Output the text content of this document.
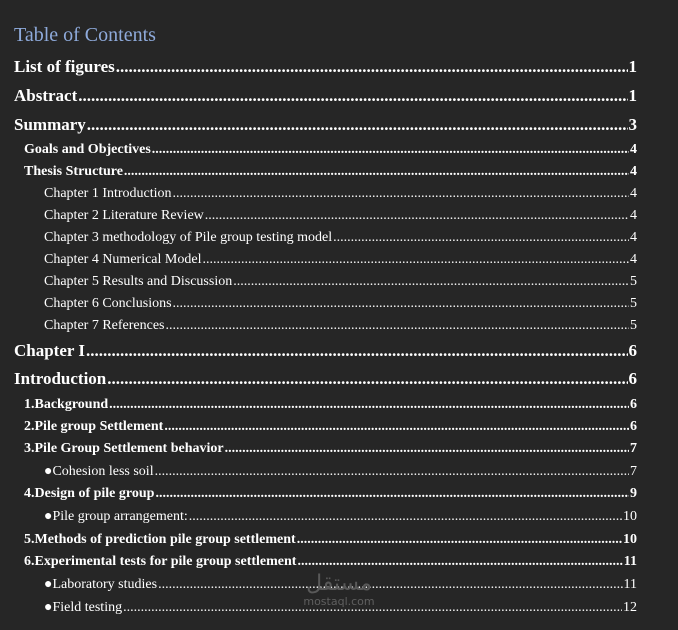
Table of Contents
List of figures .....	1
Abstract .....	1
Summary .....	3
Goals and Objectives .....	4
Thesis Structure .....	4
Chapter 1 Introduction .....	4
Chapter 2 Literature Review .....	4
Chapter 3 methodology of Pile group testing model .....	4
Chapter 4 Numerical Model .....	4
Chapter 5 Results and Discussion .....	5
Chapter 6 Conclusions .....	5
Chapter 7 References .....	5
Chapter I .....	6
Introduction .....	6
1. Background .....	6
2. Pile group Settlement .....	6
3. Pile Group Settlement behavior .....	7
● Cohesion less soil .....	7
4. Design of pile group .....	9
● Pile group arrangement: .....	10
5. Methods of prediction pile group settlement .....	10
6. Experimental tests for pile group settlement .....	11
● Laboratory studies .....	11
● Field testing .....	12
مستقل
mostaql.com
